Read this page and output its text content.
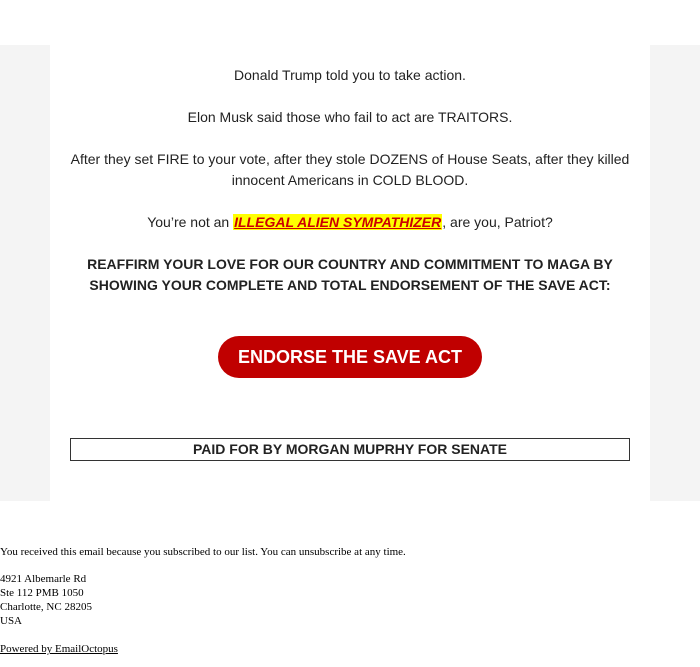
Donald Trump told you to take action.

Elon Musk said those who fail to act are TRAITORS.

After they set FIRE to your vote, after they stole DOZENS of House Seats, after they killed innocent Americans in COLD BLOOD.

You’re not an ILLEGAL ALIEN SYMPATHIZER, are you, Patriot?

REAFFIRM YOUR LOVE FOR OUR COUNTRY AND COMMITMENT TO MAGA BY SHOWING YOUR COMPLETE AND TOTAL ENDORSEMENT OF THE SAVE ACT:

ENDORSE THE SAVE ACT
PAID FOR BY MORGAN MUPRHY FOR SENATE
You received this email because you subscribed to our list. You can unsubscribe at any time.
4921 Albemarle Rd
Ste 112 PMB 1050
Charlotte, NC 28205
USA
Powered by EmailOctopus
